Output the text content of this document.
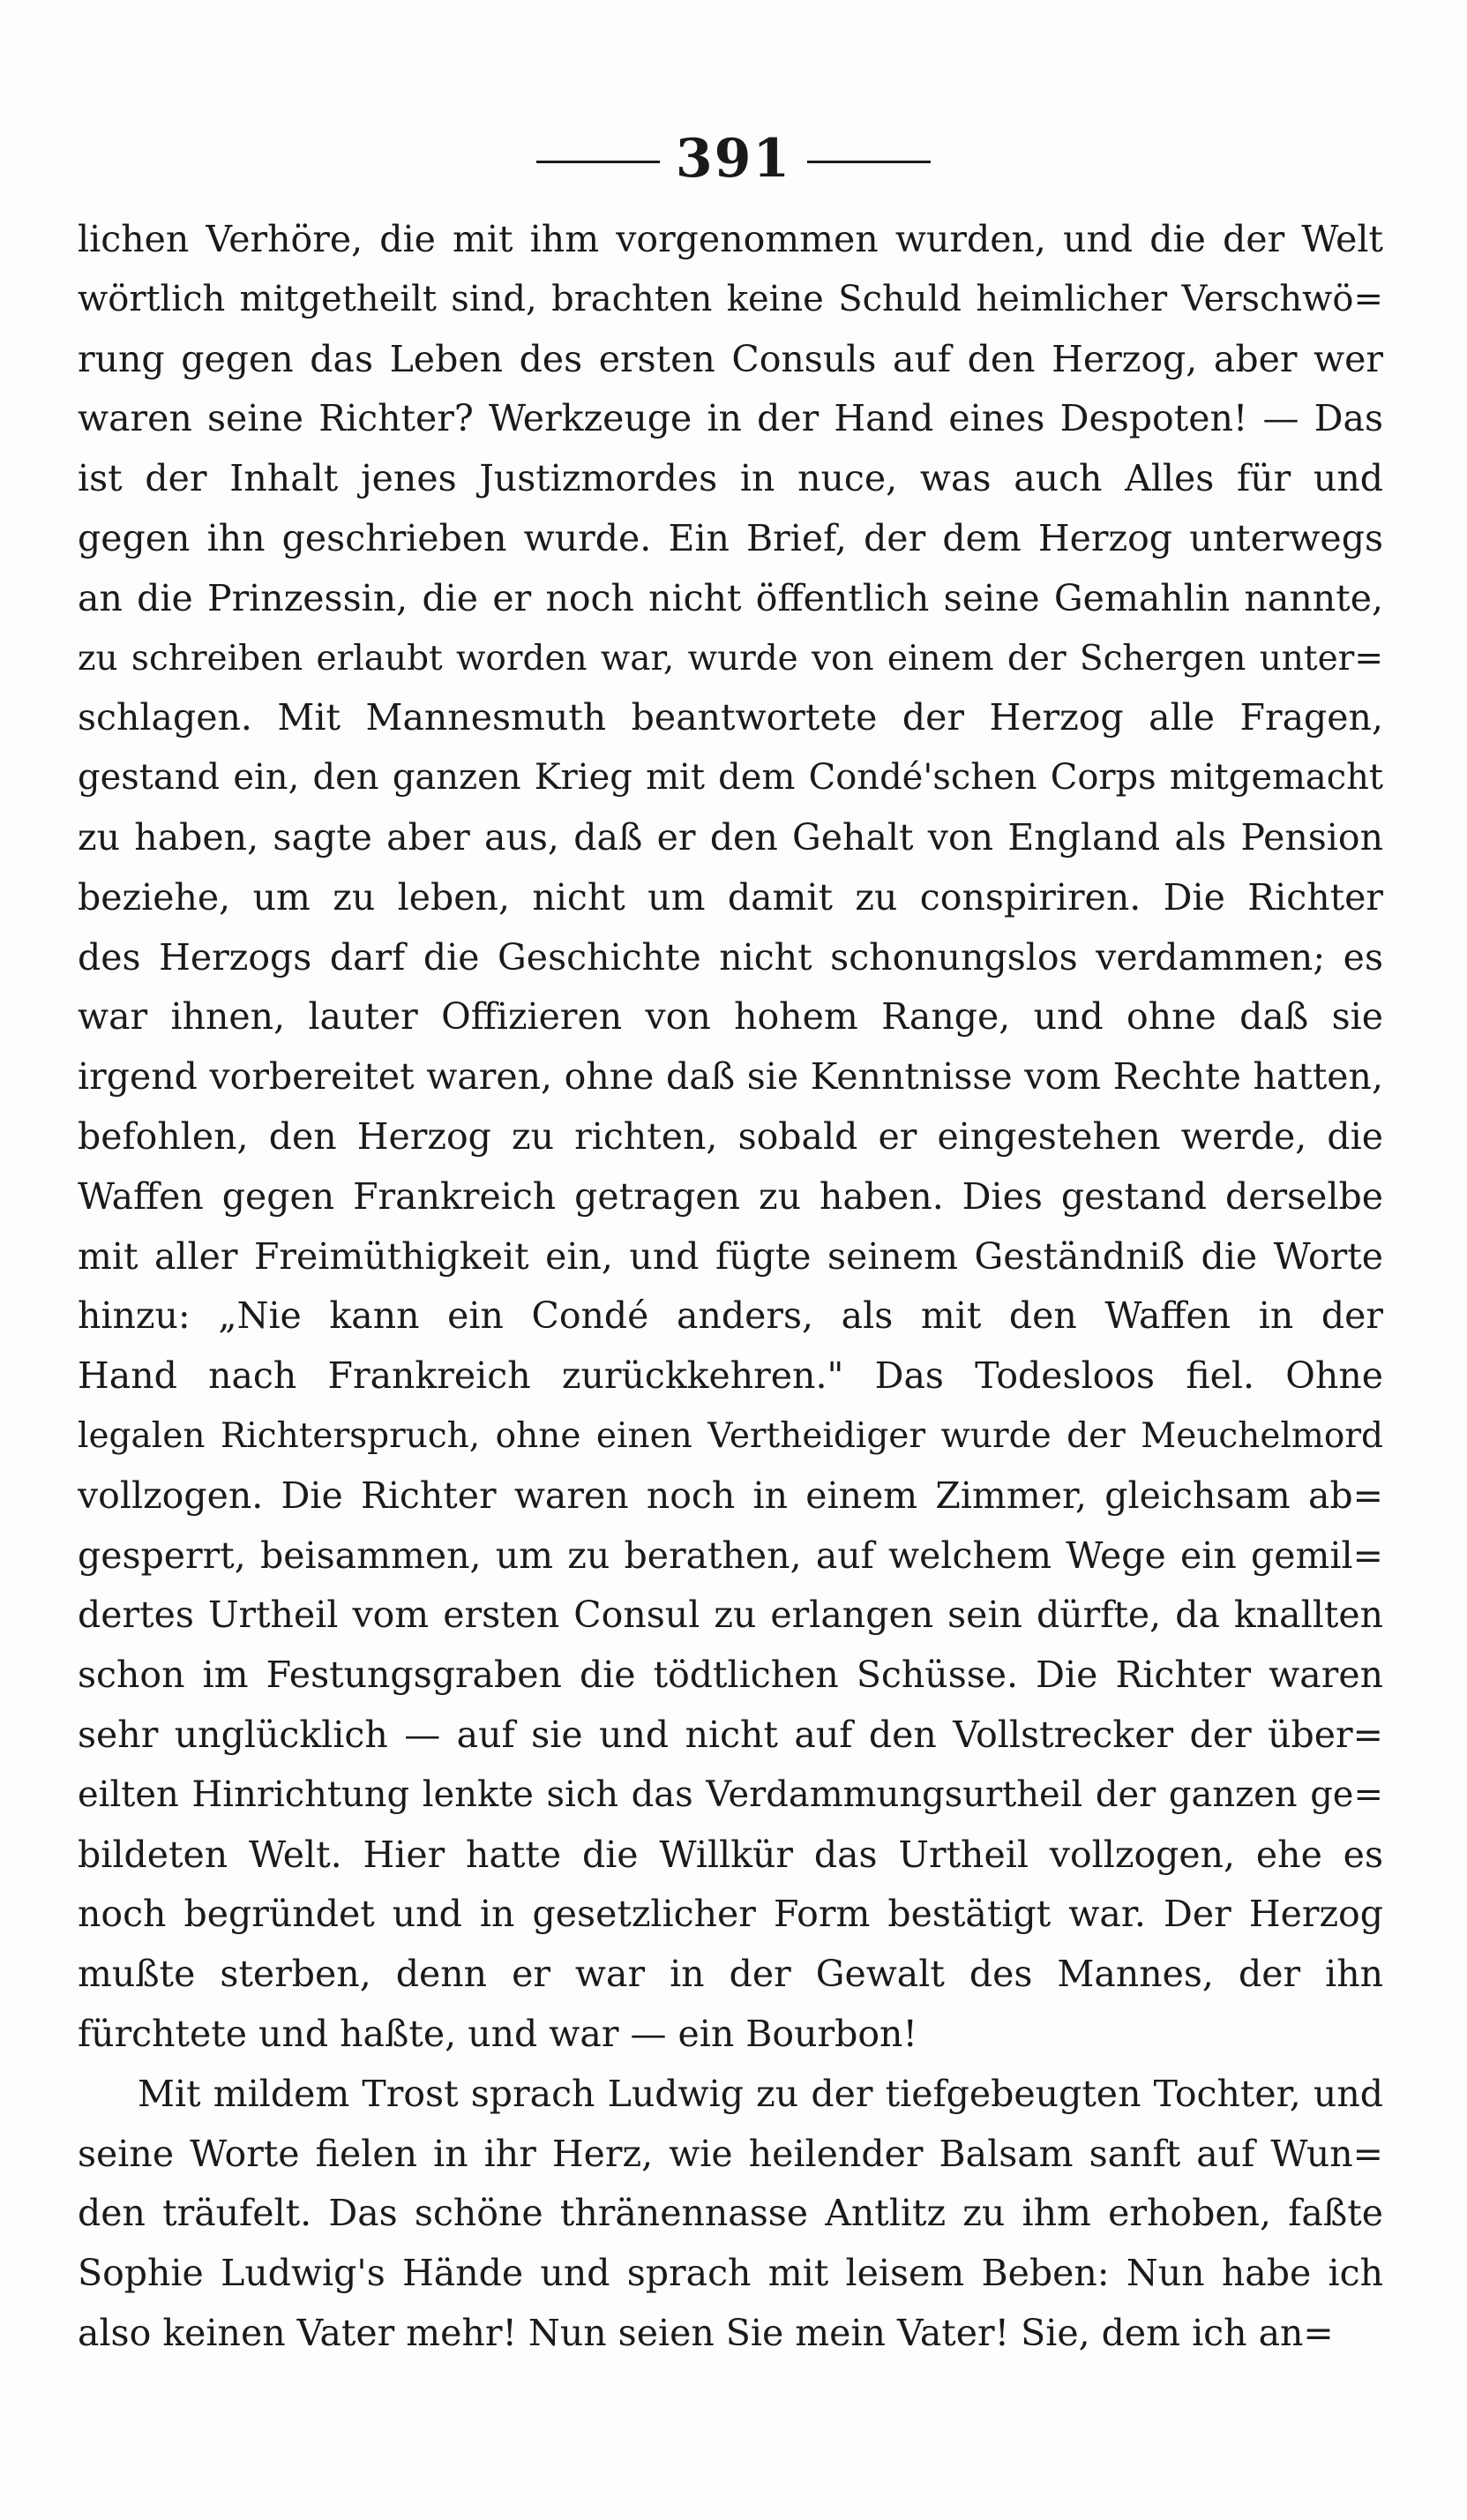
391
lichen Verhöre, die mit ihm vorgenommen wurden, und die der Welt
wörtlich mitgetheilt sind, brachten keine Schuld heimlicher Verschwö=
rung gegen das Leben des ersten Consuls auf den Herzog, aber wer
waren seine Richter? Werkzeuge in der Hand eines Despoten! — Das
ist der Inhalt jenes Justizmordes in nuce, was auch Alles für und
gegen ihn geschrieben wurde. Ein Brief, der dem Herzog unterwegs
an die Prinzessin, die er noch nicht öffentlich seine Gemahlin nannte,
zu schreiben erlaubt worden war, wurde von einem der Schergen unter=
schlagen. Mit Mannesmuth beantwortete der Herzog alle Fragen,
gestand ein, den ganzen Krieg mit dem Condé'schen Corps mitgemacht
zu haben, sagte aber aus, daß er den Gehalt von England als Pension
beziehe, um zu leben, nicht um damit zu conspiriren. Die Richter
des Herzogs darf die Geschichte nicht schonungslos verdammen; es
war ihnen, lauter Offizieren von hohem Range, und ohne daß sie
irgend vorbereitet waren, ohne daß sie Kenntnisse vom Rechte hatten,
befohlen, den Herzog zu richten, sobald er eingestehen werde, die
Waffen gegen Frankreich getragen zu haben. Dies gestand derselbe
mit aller Freimüthigkeit ein, und fügte seinem Geständniß die Worte
hinzu: „Nie kann ein Condé anders, als mit den Waffen in der
Hand nach Frankreich zurückkehren." Das Todesloos fiel. Ohne
legalen Richterspruch, ohne einen Vertheidiger wurde der Meuchelmord
vollzogen. Die Richter waren noch in einem Zimmer, gleichsam ab=
gesperrt, beisammen, um zu berathen, auf welchem Wege ein gemil=
dertes Urtheil vom ersten Consul zu erlangen sein dürfte, da knallten
schon im Festungsgraben die tödtlichen Schüsse. Die Richter waren
sehr unglücklich — auf sie und nicht auf den Vollstrecker der über=
eilten Hinrichtung lenkte sich das Verdammungsurtheil der ganzen ge=
bildeten Welt. Hier hatte die Willkür das Urtheil vollzogen, ehe es
noch begründet und in gesetzlicher Form bestätigt war. Der Herzog
mußte sterben, denn er war in der Gewalt des Mannes, der ihn
fürchtete und haßte, und war — ein Bourbon!
Mit mildem Trost sprach Ludwig zu der tiefgebeugten Tochter, und
seine Worte fielen in ihr Herz, wie heilender Balsam sanft auf Wun=
den träufelt. Das schöne thränennasse Antlitz zu ihm erhoben, faßte
Sophie Ludwig's Hände und sprach mit leisem Beben: Nun habe ich
also keinen Vater mehr! Nun seien Sie mein Vater! Sie, dem ich an=
